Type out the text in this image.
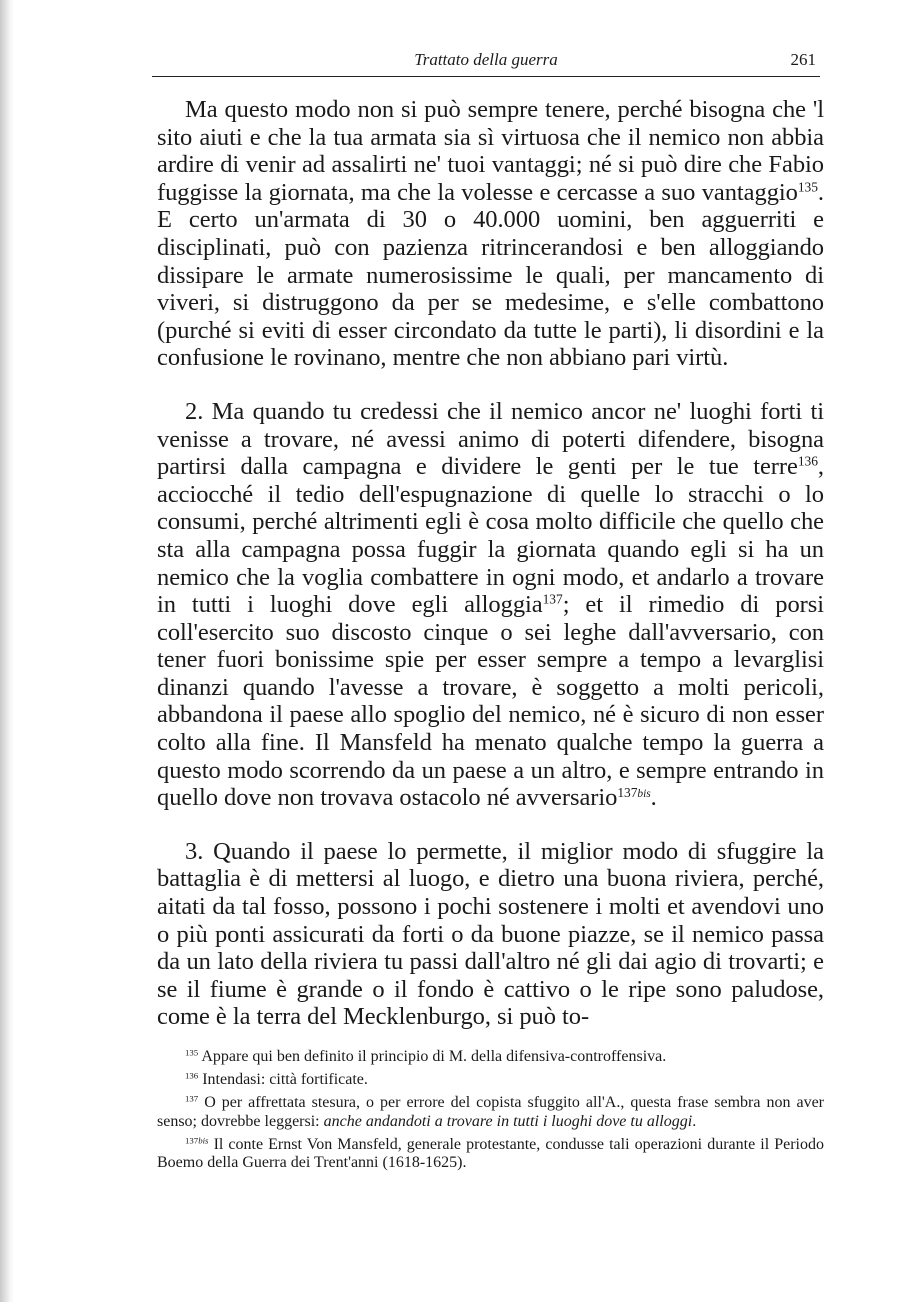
Trattato della guerra	261

Ma questo modo non si può sempre tenere, perché bisogna che 'l sito aiuti e che la tua armata sia sì virtuosa che il nemico non abbia ardire di venir ad assalirti ne' tuoi vantaggi; né si può dire che Fabio fuggisse la giornata, ma che la volesse e cercasse a suo vantaggio$^{135}$. E certo un'armata di 30 o 40.000 uomini, ben agguerriti e disciplinati, può con pazienza ritrincerandosi e ben alloggiando dissipare le armate numerosissime le quali, per mancamento di viveri, si distruggono da per se medesime, e s'elle combattono (purché si eviti di esser circondato da tutte le parti), li disordini e la confusione le rovinano, mentre che non abbiano pari virtù.

2. Ma quando tu credessi che il nemico ancor ne' luoghi forti ti venisse a trovare, né avessi animo di poterti difendere, bisogna partirsi dalla campagna e dividere le genti per le tue terre$^{136}$, acciocché il tedio dell'espugnazione di quelle lo stracchi o lo consumi, perché altrimenti egli è cosa molto difficile che quello che sta alla campagna possa fuggir la giornata quando egli si ha un nemico che la voglia combattere in ogni modo, et andarlo a trovare in tutti i luoghi dove egli alloggia$^{137}$; et il rimedio di porsi coll'esercito suo discosto cinque o sei leghe dall'avversario, con tener fuori bonissime spie per esser sempre a tempo a levarglisi dinanzi quando l'avesse a trovare, è soggetto a molti pericoli, abbandona il paese allo spoglio del nemico, né è sicuro di non esser colto alla fine. Il Mansfeld ha menato qualche tempo la guerra a questo modo scorrendo da un paese a un altro, e sempre entrando in quello dove non trovava ostacolo né avversario$^{137bis}$.

3. Quando il paese lo permette, il miglior modo di sfuggire la battaglia è di mettersi al luogo, e dietro una buona riviera, perché, aitati da tal fosso, possono i pochi sostenere i molti et avendovi uno o più ponti assicurati da forti o da buone piazze, se il nemico passa da un lato della riviera tu passi dall'altro né gli dai agio di trovarti; e se il fiume è grande o il fondo è cattivo o le ripe sono paludose, come è la terra del Mecklenburgo, si può to-

$^{135}$ Appare qui ben definito il principio di M. della difensiva-controffensiva.

$^{136}$ Intendasi: città fortificate.

$^{137}$ O per affrettata stesura, o per errore del copista sfuggito all'A., questa frase sembra non aver senso; dovrebbe leggersi: anche andandoti a trovare in tutti i luoghi dove tu alloggi.

$^{137bis}$ Il conte Ernst Von Mansfeld, generale protestante, condusse tali operazioni durante il Periodo Boemo della Guerra dei Trent'anni (1618-1625).
